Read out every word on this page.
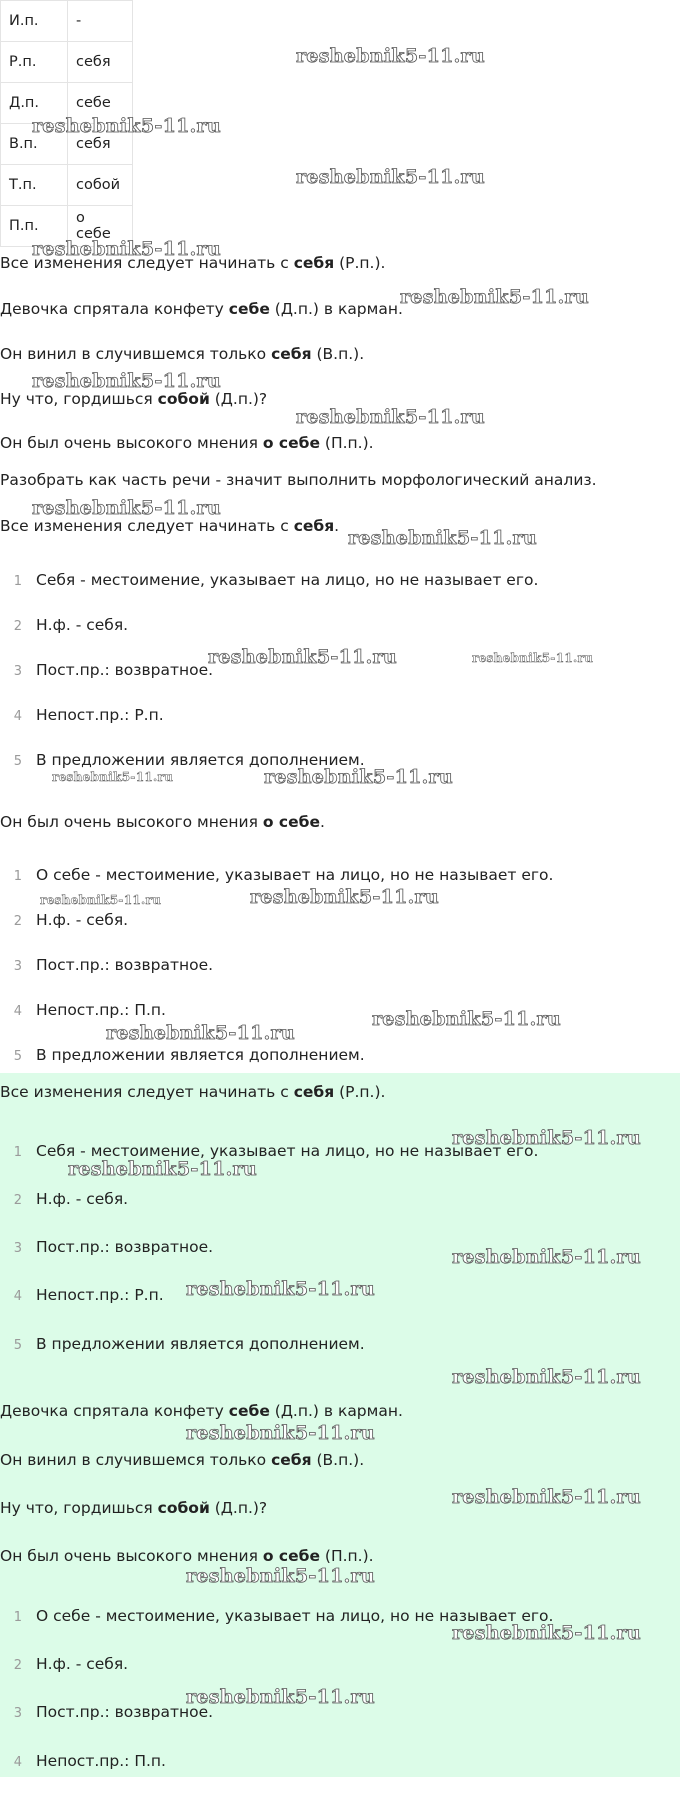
И.п.	-
Р.п.	себя
Д.п.	себе
В.п.	себя
Т.п.	собой
П.п.	о себе
Все изменения следует начинать с себя (Р.п.).
Девочка спрятала конфету себе (Д.п.) в карман.
Он винил в случившемся только себя (В.п.).
Ну что, гордишься собой (Д.п.)?
Он был очень высокого мнения о себе (П.п.).
Разобрать как часть речи - значит выполнить морфологический анализ.
Все изменения следует начинать с себя.
1 Себя - местоимение, указывает на лицо, но не называет его.
2 Н.ф. - себя.
3 Пост.пр.: возвратное.
4 Непост.пр.: Р.п.
5 В предложении является дополнением.
Он был очень высокого мнения о себе.
1 О себе - местоимение, указывает на лицо, но не называет его.
2 Н.ф. - себя.
3 Пост.пр.: возвратное.
4 Непост.пр.: П.п.
5 В предложении является дополнением.
Все изменения следует начинать с себя (Р.п.).
1 Себя - местоимение, указывает на лицо, но не называет его.
2 Н.ф. - себя.
3 Пост.пр.: возвратное.
4 Непост.пр.: Р.п.
5 В предложении является дополнением.
Девочка спрятала конфету себе (Д.п.) в карман.
Он винил в случившемся только себя (В.п.).
Ну что, гордишься собой (Д.п.)?
Он был очень высокого мнения о себе (П.п.).
1 О себе - местоимение, указывает на лицо, но не называет его.
2 Н.ф. - себя.
3 Пост.пр.: возвратное.
4 Непост.пр.: П.п.
reshebnik5-11.ru
reshebnik5-11.ru
reshebnik5-11.ru
reshebnik5-11.ru
reshebnik5-11.ru
reshebnik5-11.ru
reshebnik5-11.ru
reshebnik5-11.ru
reshebnik5-11.ru
reshebnik5-11.ru	reshebnik5-11.ru
reshebnik5-11.ru	reshebnik5-11.ru
reshebnik5-11.ru	reshebnik5-11.ru
reshebnik5-11.ru
reshebnik5-11.ru
reshebnik5-11.ru
reshebnik5-11.ru
reshebnik5-11.ru
reshebnik5-11.ru
reshebnik5-11.ru
reshebnik5-11.ru
reshebnik5-11.ru
reshebnik5-11.ru
reshebnik5-11.ru
reshebnik5-11.ru
